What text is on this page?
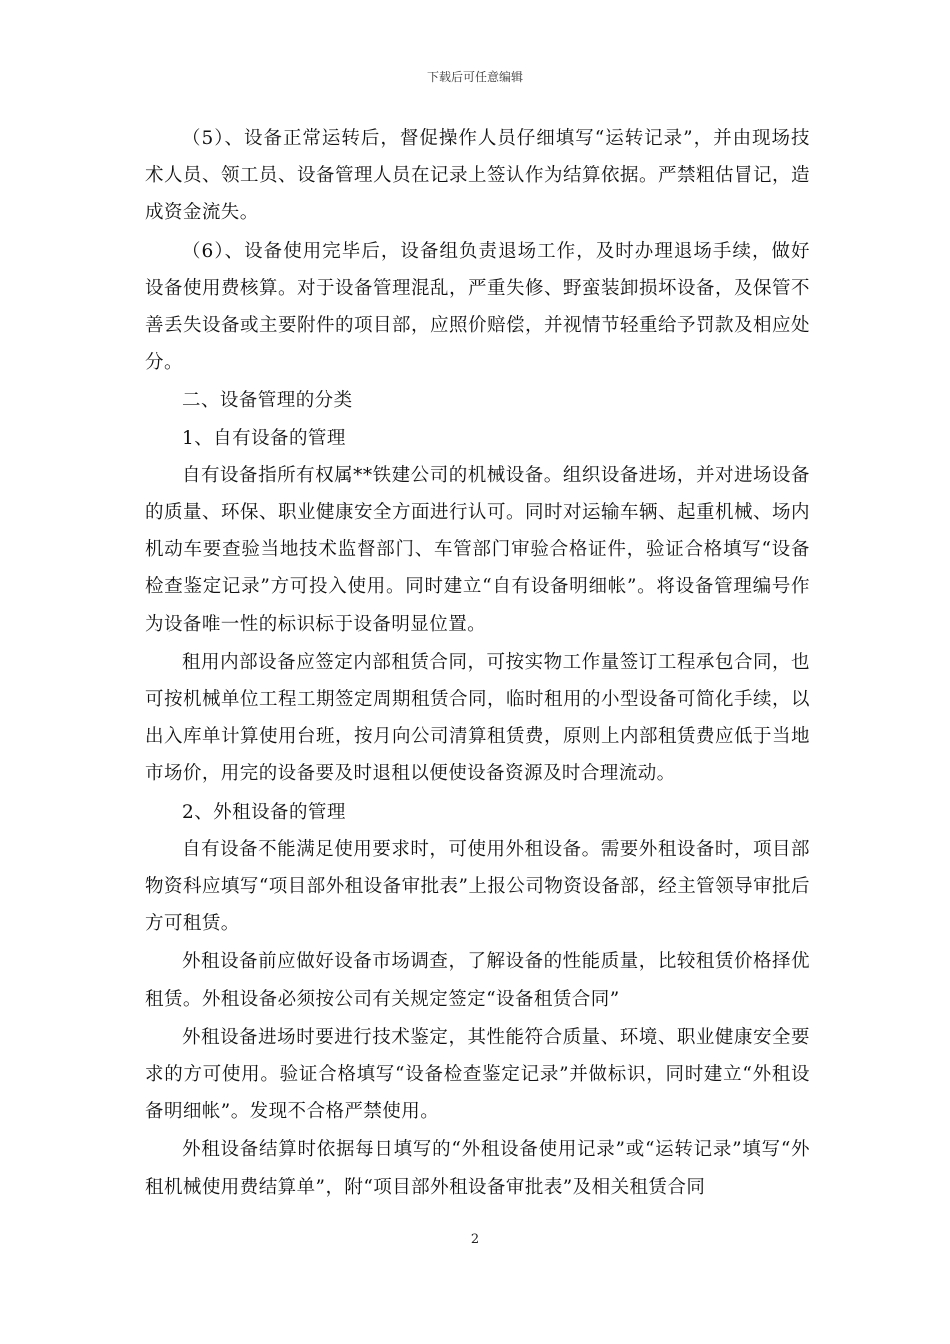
下载后可任意编辑

（5）、设备正常运转后，督促操作人员仔细填写“运转记录”，并由现场技术人员、领工员、设备管理人员在记录上签认作为结算依据。严禁粗估冒记，造成资金流失。

（6）、设备使用完毕后，设备组负责退场工作，及时办理退场手续，做好设备使用费核算。对于设备管理混乱，严重失修、野蛮装卸损坏设备，及保管不善丢失设备或主要附件的项目部，应照价赔偿，并视情节轻重给予罚款及相应处分。

二、设备管理的分类

1、自有设备的管理

自有设备指所有权属**铁建公司的机械设备。组织设备进场，并对进场设备的质量、环保、职业健康安全方面进行认可。同时对运输车辆、起重机械、场内机动车要查验当地技术监督部门、车管部门审验合格证件，验证合格填写“设备检查鉴定记录”方可投入使用。同时建立“自有设备明细帐”。将设备管理编号作为设备唯一性的标识标于设备明显位置。

租用内部设备应签定内部租赁合同，可按实物工作量签订工程承包合同，也可按机械单位工程工期签定周期租赁合同，临时租用的小型设备可简化手续，以出入库单计算使用台班，按月向公司清算租赁费，原则上内部租赁费应低于当地市场价，用完的设备要及时退租以便使设备资源及时合理流动。

2、外租设备的管理

自有设备不能满足使用要求时，可使用外租设备。需要外租设备时，项目部物资科应填写“项目部外租设备审批表”上报公司物资设备部，经主管领导审批后方可租赁。

外租设备前应做好设备市场调查，了解设备的性能质量，比较租赁价格择优租赁。外租设备必须按公司有关规定签定“设备租赁合同”

外租设备进场时要进行技术鉴定，其性能符合质量、环境、职业健康安全要求的方可使用。验证合格填写“设备检查鉴定记录”并做标识，同时建立“外租设备明细帐”。发现不合格严禁使用。

外租设备结算时依据每日填写的“外租设备使用记录”或“运转记录”填写“外租机械使用费结算单”，附“项目部外租设备审批表”及相关租赁合同

2
